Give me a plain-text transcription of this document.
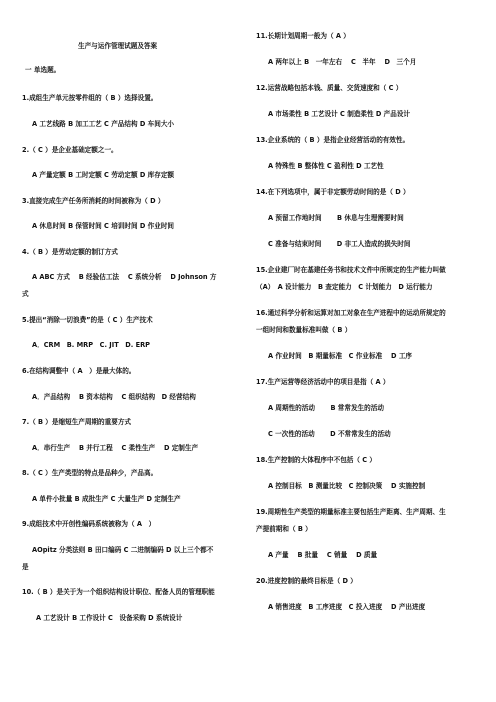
生产与运作管理试题及答案
一 单选题。
1.成组生产单元按零件组的（ B ）选择设置。
A 工艺线路 B 加工工艺 C 产品结构 D 车间大小
2.（ C ）是企业基础定额之一。
A 产量定额 B 工时定额 C 劳动定额 D 库存定额
3.直接完成生产任务所消耗的时间被称为（ D ）
A 休息时间 B 保管时间 C 培训时间 D 作业时间
4.（ B ）是劳动定额的制订方式
A ABC 方式　 B 经验估工法　 C 系统分析　 D Johnson 方
式
5.提出“消除一切浪费”的是（ C ）生产技术
A．CRM　B. MRP　C. JIT　D. ERP
6.在结构调整中（ A　）是最大体的。
A．产品结构　 B 资本结构　 C 组织结构　D 经营结构
7.（ B ）是缩短生产周期的重要方式
A．串行生产　 B 并行工程　 C 柔性生产　 D 定制生产
8.（ C ）生产类型的特点是品种少，产品高。
A 单件小批量 B 成批生产 C 大量生产 D 定制生产
9.成组技术中开创性编码系统被称为（ A　）
AOpitz 分类法则 B 田口编码 C 二进制编码 D 以上三个都不
是
10.（ B ）是关于为一个组织结构设计职位、配备人员的管理职能
A 工艺设计 B 工作设计 C　设备采购 D 系统设计
11.长期计划周期一般为（ A ）
A 两年以上 B　一年左右　 C　半年　 D　三个月
12.运营战略包括本钱、质量、交货速度和（ C ）
A 市场柔性 B 工艺设计 C 制造柔性 D 产品设计
13.企业系统的（ B ）是指企业经营活动的有效性。
A 特殊性 B 整体性 C 盈利性 D 工艺性
14.在下列选项中，属于非定额劳动时间的是（ D ）
A 预留工作地时间　　 B 休息与生理需要时间
C 准备与结束时间　　 D 非工人造成的损失时间
15.企业建厂时在基建任务书和技术文件中所规定的生产能力叫做
（A）　A 设计能力　B 查定能力　C 计划能力　D 运行能力
16.通过科学分析和运算对加工对象在生产进程中的运动所规定的
一组时间和数量标准叫做（ B ）
A 作业时间　B 期量标准　C 作业标准　 D 工序
17.生产运营等经济活动中的项目是指（ A ）
A 周期性的活动　　 B 常常发生的活动
C 一次性的活动　　 D 不常常发生的活动
18.生产控制的大体程序中不包括（ C ）
A 控制目标　B 测量比较　C 控制决策　 D 实施控制
19.周期性生产类型的期量标准主要包括生产距离、生产周期、生
产提前期和（ B ）
A 产量　 B 批量　 C 销量　 D 质量
20.进度控制的最终目标是（ D ）
A 销售进度　B 工序进度　C 投入进度　 D 产出进度
